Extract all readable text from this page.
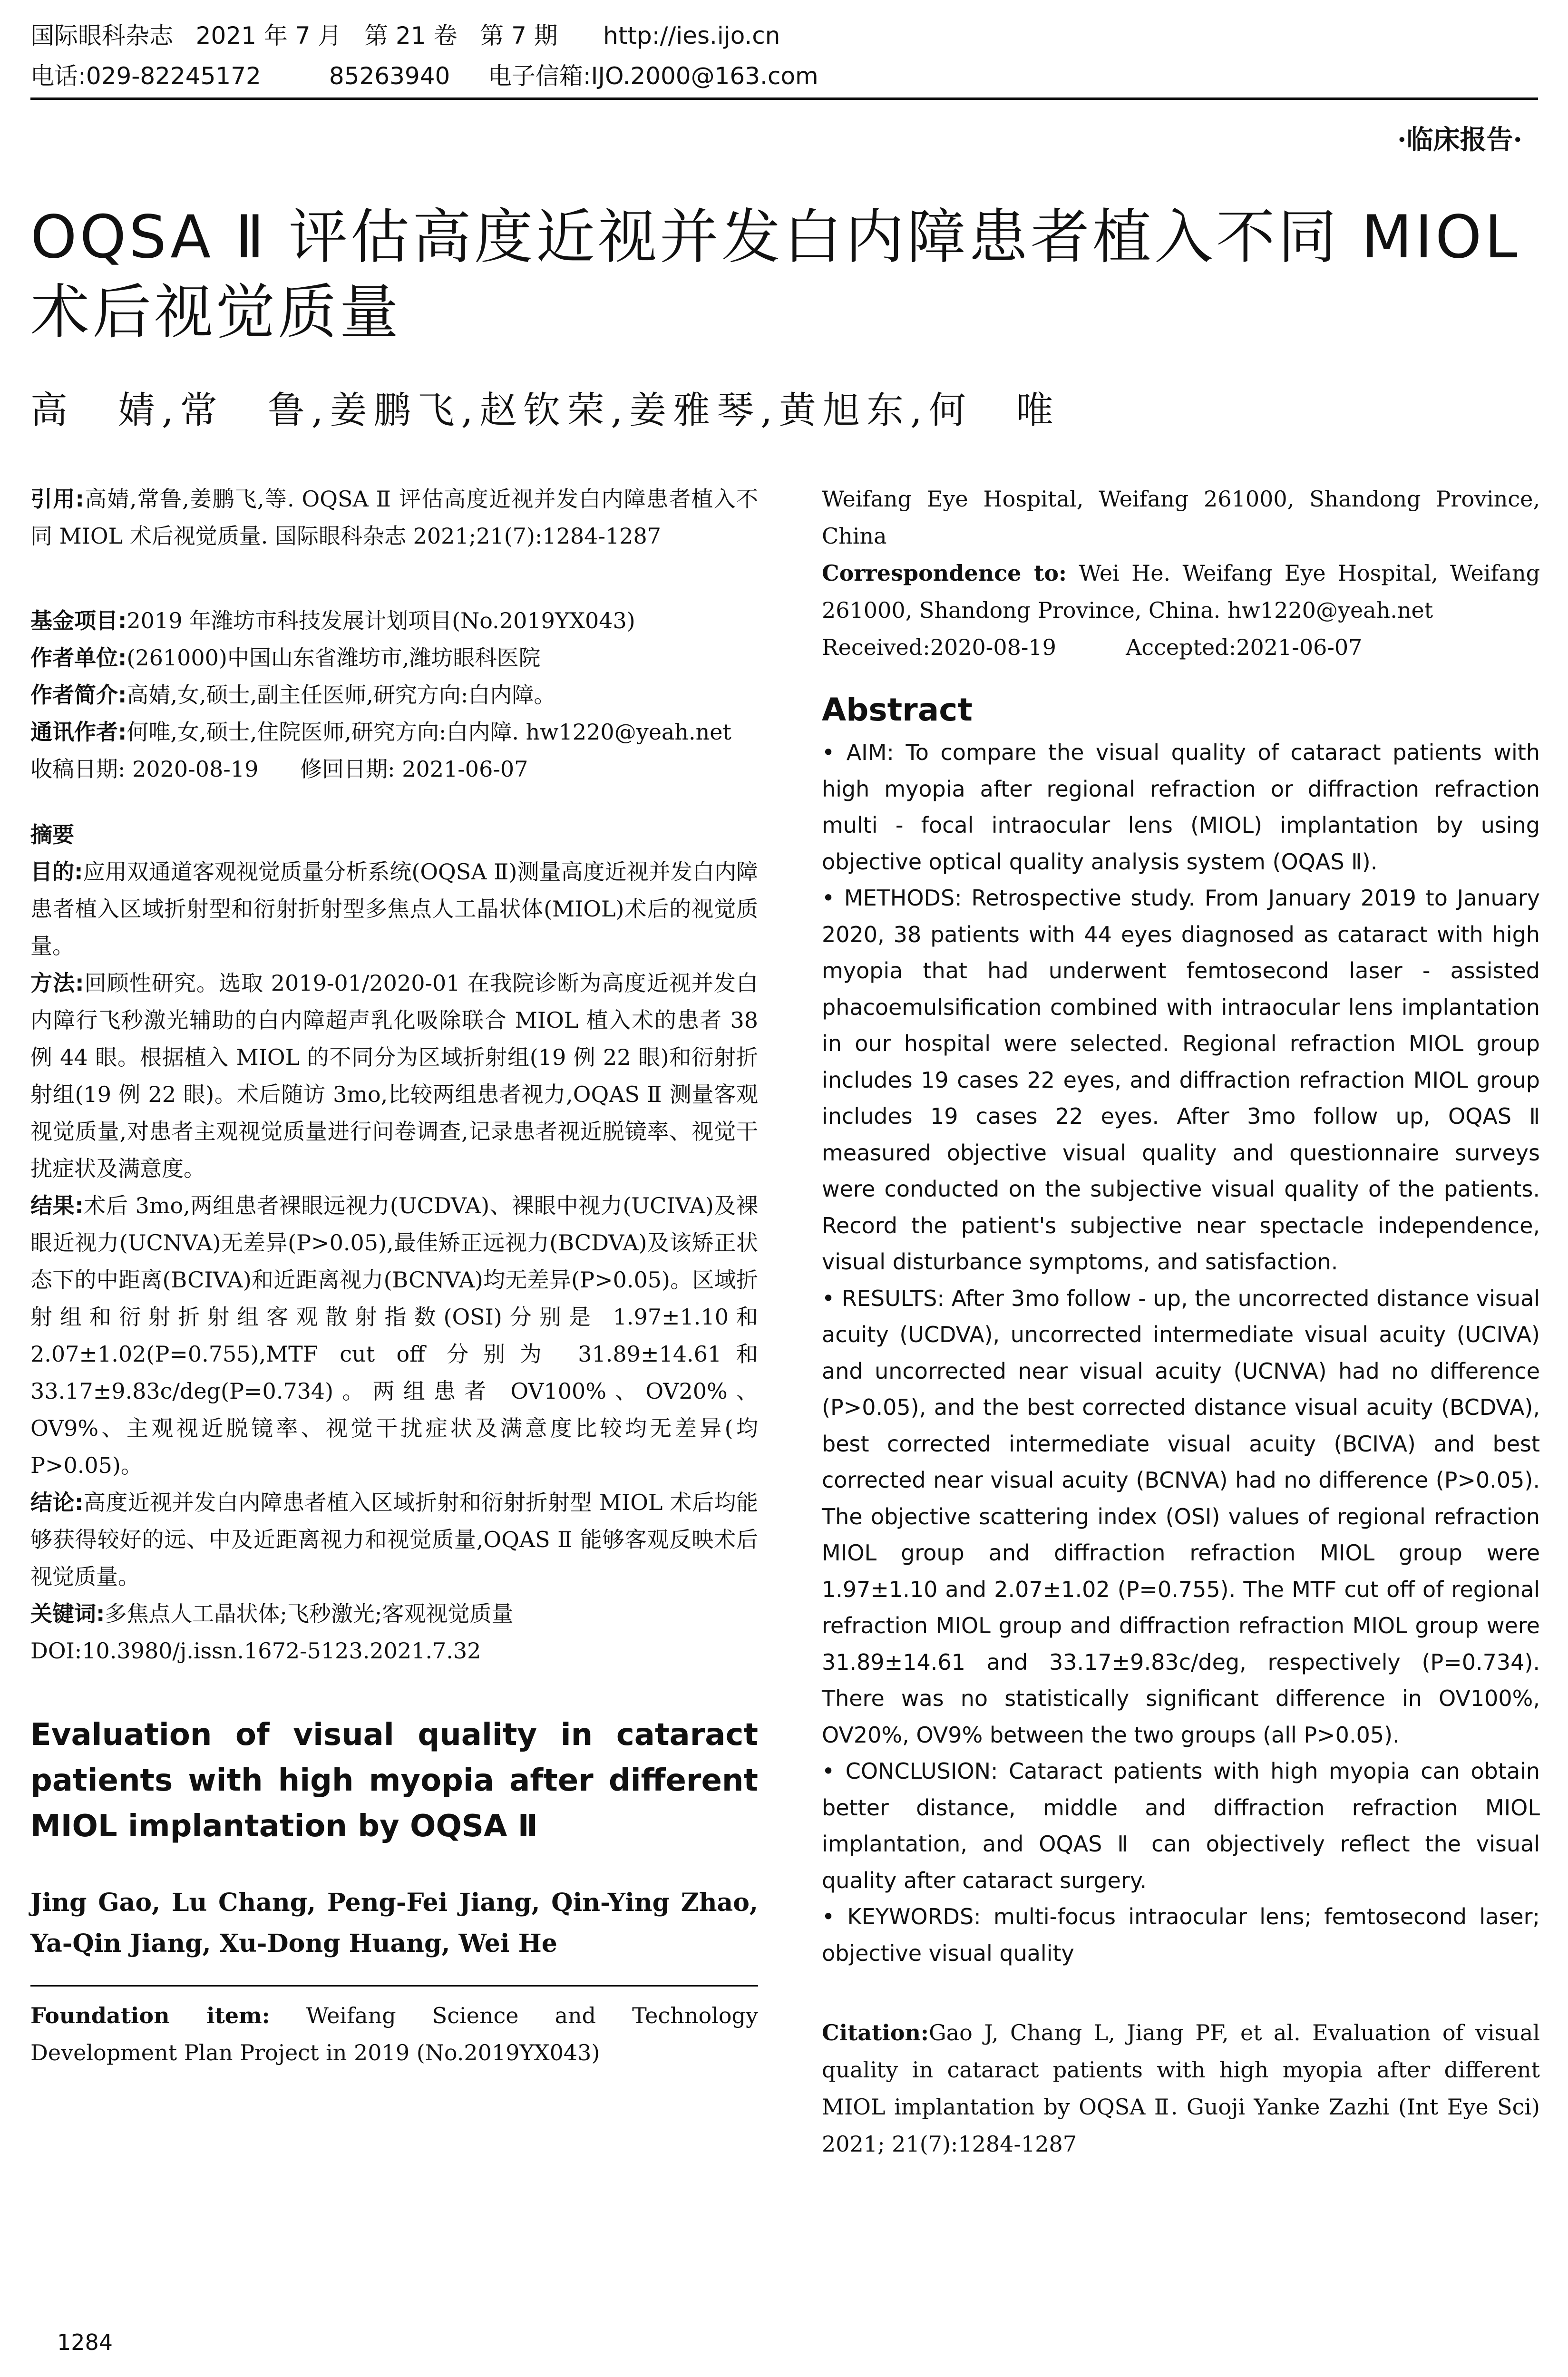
国际眼科杂志   2021 年 7 月   第 21 卷   第 7 期      http://ies.ijo.cn
电话:029-82245172         85263940     电子信箱:IJO.2000@163.com
·临床报告·
OQSA Ⅱ 评估高度近视并发白内障患者植入不同 MIOL 术后视觉质量
高　婧,常　鲁,姜鹏飞,赵钦荣,姜雅琴,黄旭东,何　唯

引用:高婧,常鲁,姜鹏飞,等. OQSA Ⅱ 评估高度近视并发白内障患者植入不同 MIOL 术后视觉质量. 国际眼科杂志 2021;21(7):1284-1287

基金项目:2019 年潍坊市科技发展计划项目(No.2019YX043)

作者单位:(261000)中国山东省潍坊市,潍坊眼科医院

作者简介:高婧,女,硕士,副主任医师,研究方向:白内障。

通讯作者:何唯,女,硕士,住院医师,研究方向:白内障. hw1220@yeah.net

收稿日期: 2020-08-19      修回日期: 2021-06-07

摘要

目的:应用双通道客观视觉质量分析系统(OQSA Ⅱ)测量高度近视并发白内障患者植入区域折射型和衍射折射型多焦点人工晶状体(MIOL)术后的视觉质量。

方法:回顾性研究。选取 2019-01/2020-01 在我院诊断为高度近视并发白内障行飞秒激光辅助的白内障超声乳化吸除联合 MIOL 植入术的患者 38 例 44 眼。根据植入 MIOL 的不同分为区域折射组(19 例 22 眼)和衍射折射组(19 例 22 眼)。术后随访 3mo,比较两组患者视力,OQAS Ⅱ 测量客观视觉质量,对患者主观视觉质量进行问卷调查,记录患者视近脱镜率、视觉干扰症状及满意度。

结果:术后 3mo,两组患者裸眼远视力(UCDVA)、裸眼中视力(UCIVA)及裸眼近视力(UCNVA)无差异(P>0.05),最佳矫正远视力(BCDVA)及该矫正状态下的中距离(BCIVA)和近距离视力(BCNVA)均无差异(P>0.05)。区域折射组和衍射折射组客观散射指数(OSI)分别是 1.97±1.10和 2.07±1.02(P=0.755),MTF cut off 分别为 31.89±14.61和 33.17±9.83c/deg(P=0.734)。两组患者 OV100%、OV20%、OV9%、主观视近脱镜率、视觉干扰症状及满意度比较均无差异(均 P>0.05)。

结论:高度近视并发白内障患者植入区域折射和衍射折射型 MIOL 术后均能够获得较好的远、中及近距离视力和视觉质量,OQAS Ⅱ 能够客观反映术后视觉质量。

关键词:多焦点人工晶状体;飞秒激光;客观视觉质量

DOI:10.3980/j.issn.1672-5123.2021.7.32

Evaluation of visual quality in cataract patients with high myopia after different MIOL implantation by OQSA Ⅱ

Jing Gao, Lu Chang, Peng-Fei Jiang, Qin-Ying Zhao, Ya-Qin Jiang, Xu-Dong Huang, Wei He

Foundation item: Weifang Science and Technology Development Plan Project in 2019 (No.2019YX043)

Weifang Eye Hospital, Weifang 261000, Shandong Province, China

Correspondence to: Wei He. Weifang Eye Hospital, Weifang 261000, Shandong Province, China. hw1220@yeah.net

Received:2020-08-19          Accepted:2021-06-07

Abstract

• AIM: To compare the visual quality of cataract patients with high myopia after regional refraction or diffraction refraction multi - focal intraocular lens (MIOL) implantation by using objective optical quality analysis system (OQAS Ⅱ).

• METHODS: Retrospective study. From January 2019 to January 2020, 38 patients with 44 eyes diagnosed as cataract with high myopia that had underwent femtosecond laser - assisted phacoemulsification combined with intraocular lens implantation in our hospital were selected. Regional refraction MIOL group includes 19 cases 22 eyes, and diffraction refraction MIOL group includes 19 cases 22 eyes. After 3mo follow up, OQAS Ⅱ measured objective visual quality and questionnaire surveys were conducted on the subjective visual quality of the patients. Record the patient's subjective near spectacle independence, visual disturbance symptoms, and satisfaction.

• RESULTS: After 3mo follow - up, the uncorrected distance visual acuity (UCDVA), uncorrected intermediate visual acuity (UCIVA) and uncorrected near visual acuity (UCNVA) had no difference (P>0.05), and the best corrected distance visual acuity (BCDVA), best corrected intermediate visual acuity (BCIVA) and best corrected near visual acuity (BCNVA) had no difference (P>0.05). The objective scattering index (OSI) values of regional refraction MIOL group and diffraction refraction MIOL group were 1.97±1.10 and 2.07±1.02 (P=0.755). The MTF cut off of regional refraction MIOL group and diffraction refraction MIOL group were 31.89±14.61 and 33.17±9.83c/deg, respectively (P=0.734). There was no statistically significant difference in OV100%, OV20%, OV9% between the two groups (all P>0.05).

• CONCLUSION: Cataract patients with high myopia can obtain better distance, middle and diffraction refraction MIOL implantation, and OQAS Ⅱ can objectively reflect the visual quality after cataract surgery.

• KEYWORDS: multi-focus intraocular lens; femtosecond laser; objective visual quality

Citation:Gao J, Chang L, Jiang PF, et al. Evaluation of visual quality in cataract patients with high myopia after different MIOL implantation by OQSA Ⅱ. Guoji Yanke Zazhi (Int Eye Sci) 2021; 21(7):1284-1287

1284
